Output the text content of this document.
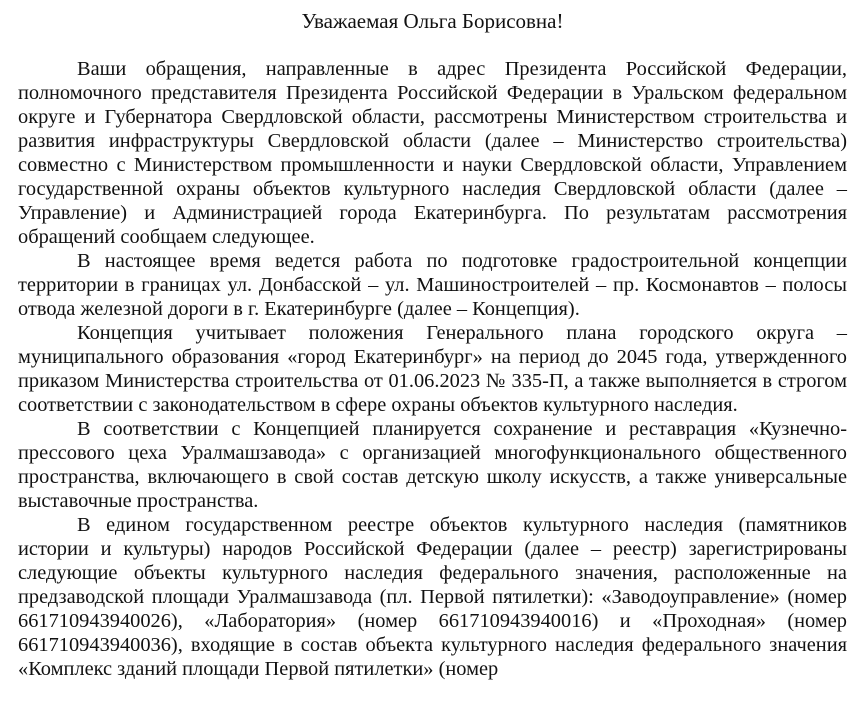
Уважаемая Ольга Борисовна!

Ваши обращения, направленные в адрес Президента Российской Федерации, полномочного представителя Президента Российской Федерации в Уральском федеральном округе и Губернатора Свердловской области, рассмотрены Министерством строительства и развития инфраструктуры Свердловской области (далее – Министерство строительства) совместно с Министерством промышленности и науки Свердловской области, Управлением государственной охраны объектов культурного наследия Свердловской области (далее – Управление) и Администрацией города Екатеринбурга. По результатам рассмотрения обращений сообщаем следующее.

В настоящее время ведется работа по подготовке градостроительной концепции территории в границах ул. Донбасской – ул. Машиностроителей – пр. Космонавтов – полосы отвода железной дороги в г. Екатеринбурге (далее – Концепция).

Концепция учитывает положения Генерального плана городского округа – муниципального образования «город Екатеринбург» на период до 2045 года, утвержденного приказом Министерства строительства от 01.06.2023 № 335-П, а также выполняется в строгом соответствии с законодательством в сфере охраны объектов культурного наследия.

В соответствии с Концепцией планируется сохранение и реставрация «Кузнечно-прессового цеха Уралмашзавода» с организацией многофункционального общественного пространства, включающего в свой состав детскую школу искусств, а также универсальные выставочные пространства.

В едином государственном реестре объектов культурного наследия (памятников истории и культуры) народов Российской Федерации (далее – реестр) зарегистрированы следующие объекты культурного наследия федерального значения, расположенные на предзаводской площади Уралмашзавода (пл. Первой пятилетки): «Заводоуправление» (номер 661710943940026), «Лаборатория» (номер 661710943940016) и «Проходная» (номер 661710943940036), входящие в состав объекта культурного наследия федерального значения «Комплекс зданий площади Первой пятилетки» (номер
